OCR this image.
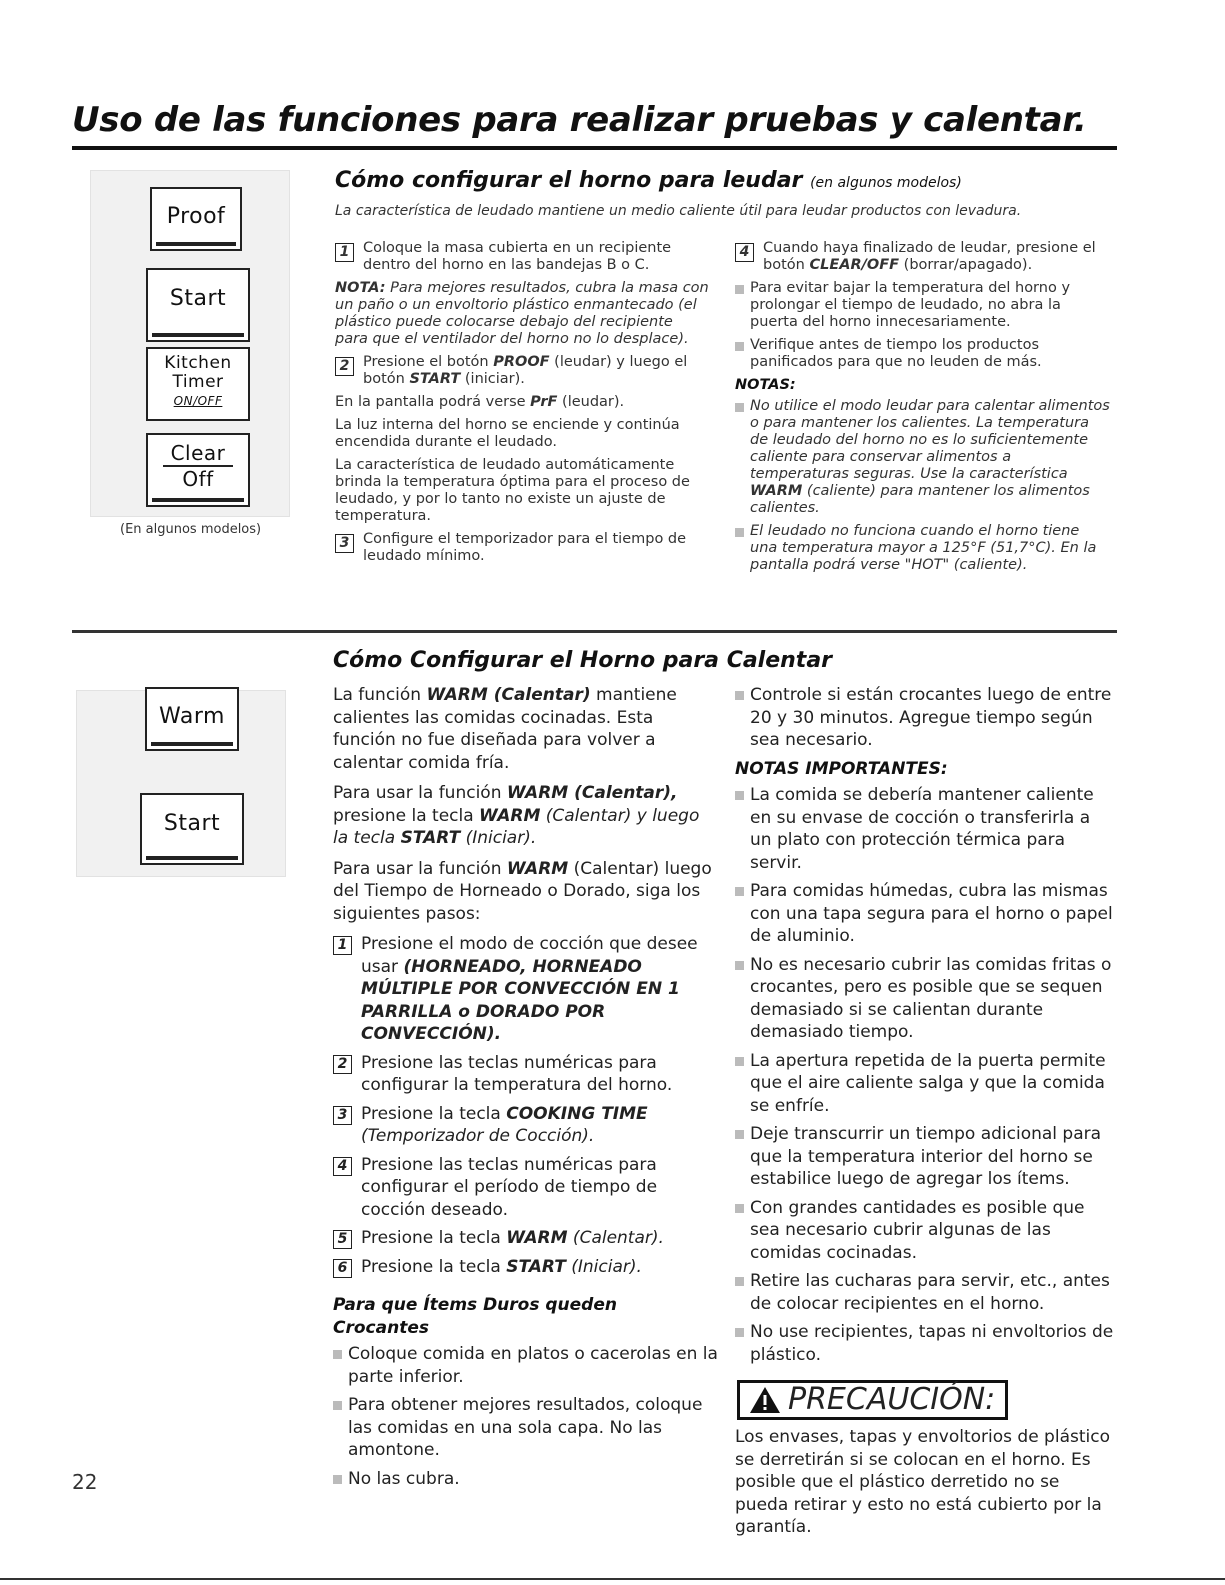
Uso de las funciones para realizar pruebas y calentar.
Proof
Start
Kitchen
Timer
ON/OFF
Clear
Off
(En algunos modelos)
Cómo configurar el horno para leudar (en algunos modelos)
La característica de leudado mantiene un medio caliente útil para leudar productos con levadura.
1 Coloque la masa cubierta en un recipiente dentro del horno en las bandejas B o C.

NOTA: Para mejores resultados, cubra la masa con un paño o un envoltorio plástico enmantecado (el plástico puede colocarse debajo del recipiente para que el ventilador del horno no lo desplace).

2 Presione el botón PROOF (leudar) y luego el botón START (iniciar).

En la pantalla podrá verse PrF (leudar).

La luz interna del horno se enciende y continúa encendida durante el leudado.

La característica de leudado automáticamente brinda la temperatura óptima para el proceso de leudado, y por lo tanto no existe un ajuste de temperatura.

3 Configure el temporizador para el tiempo de leudado mínimo.
4 Cuando haya finalizado de leudar, presione el botón CLEAR/OFF (borrar/apagado).
Para evitar bajar la temperatura del horno y prolongar el tiempo de leudado, no abra la puerta del horno innecesariamente.
Verifique antes de tiempo los productos panificados para que no leuden de más.
NOTAS:
No utilice el modo leudar para calentar alimentos o para mantener los calientes. La temperatura de leudado del horno no es lo suficientemente caliente para conservar alimentos a temperaturas seguras. Use la característica WARM (caliente) para mantener los alimentos calientes.
El leudado no funciona cuando el horno tiene una temperatura mayor a 125°F (51,7°C). En la pantalla podrá verse "HOT" (caliente).
Warm
Start
Cómo Configurar el Horno para Calentar

La función WARM (Calentar) mantiene calientes las comidas cocinadas. Esta función no fue diseñada para volver a calentar comida fría.

Para usar la función WARM (Calentar), presione la tecla WARM (Calentar) y luego la tecla START (Iniciar).

Para usar la función WARM (Calentar) luego del Tiempo de Horneado o Dorado, siga los siguientes pasos:

1 Presione el modo de cocción que desee usar (HORNEADO, HORNEADO MÚLTIPLE POR CONVECCIÓN EN 1 PARRILLA o DORADO POR CONVECCIÓN).
2 Presione las teclas numéricas para configurar la temperatura del horno.
3 Presione la tecla COOKING TIME (Temporizador de Cocción).
4 Presione las teclas numéricas para configurar el período de tiempo de cocción deseado.
5 Presione la tecla WARM (Calentar).
6 Presione la tecla START (Iniciar).
Para que Ítems Duros queden Crocantes
Coloque comida en platos o cacerolas en la parte inferior.
Para obtener mejores resultados, coloque las comidas en una sola capa. No las amontone.
No las cubra.
Controle si están crocantes luego de entre 20 y 30 minutos. Agregue tiempo según sea necesario.
NOTAS IMPORTANTES:
La comida se debería mantener caliente en su envase de cocción o transferirla a un plato con protección térmica para servir.
Para comidas húmedas, cubra las mismas con una tapa segura para el horno o papel de aluminio.
No es necesario cubrir las comidas fritas o crocantes, pero es posible que se sequen demasiado si se calientan durante demasiado tiempo.
La apertura repetida de la puerta permite que el aire caliente salga y que la comida se enfríe.
Deje transcurrir un tiempo adicional para que la temperatura interior del horno se estabilice luego de agregar los ítems.
Con grandes cantidades es posible que sea necesario cubrir algunas de las comidas cocinadas.
Retire las cucharas para servir, etc., antes de colocar recipientes en el horno.
No use recipientes, tapas ni envoltorios de plástico.
PRECAUCIÓN:
Los envases, tapas y envoltorios de plástico se derretirán si se colocan en el horno. Es posible que el plástico derretido no se pueda retirar y esto no está cubierto por la garantía.
22
